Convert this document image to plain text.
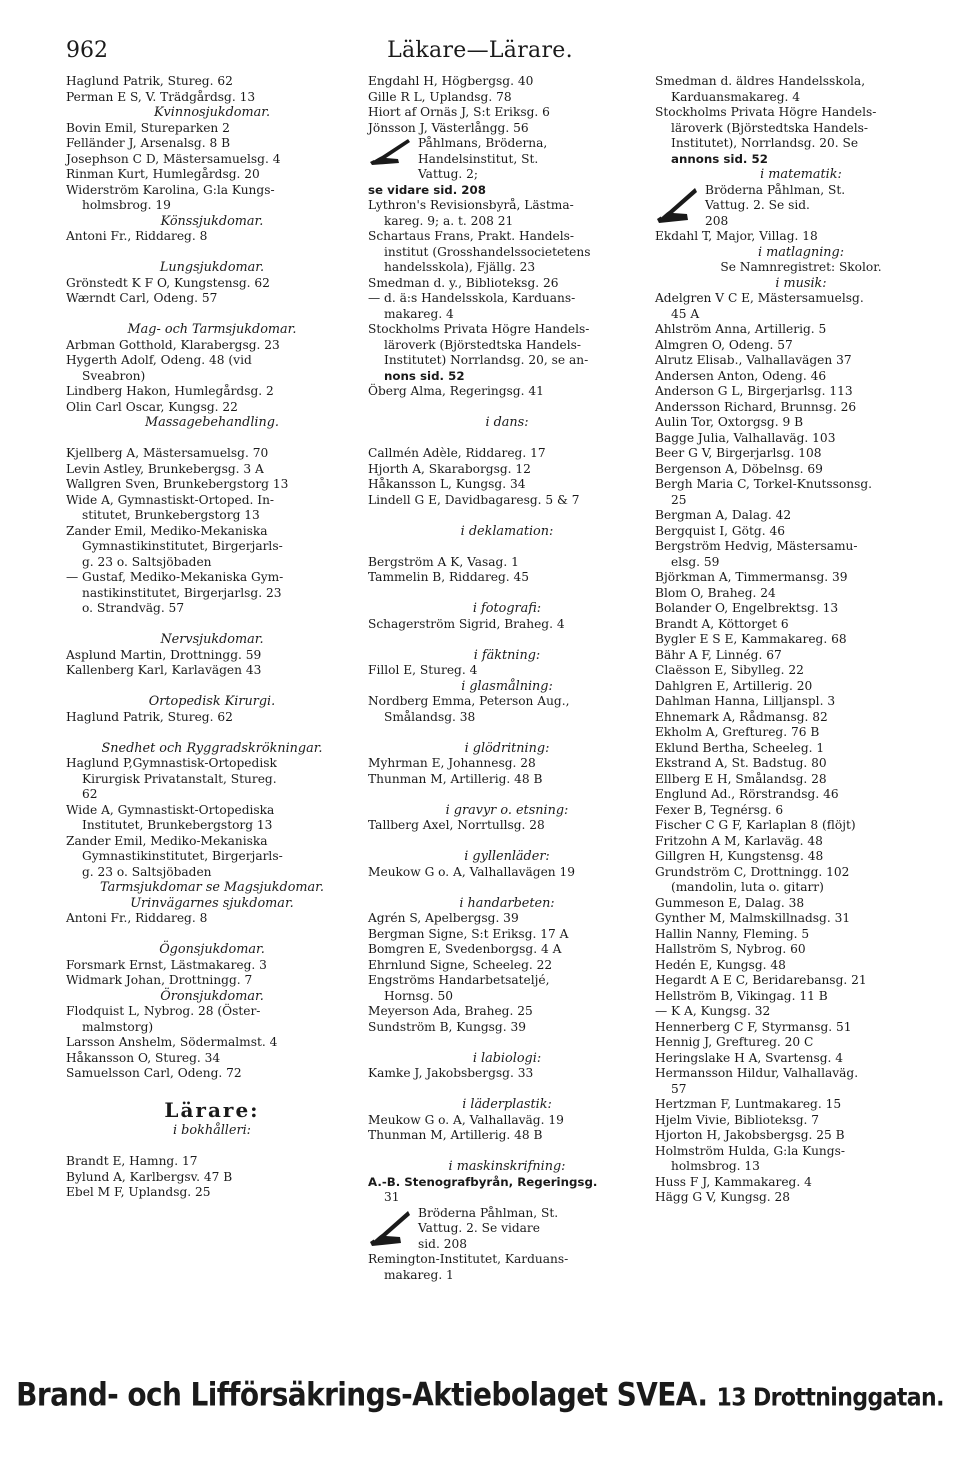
962	Läkare—Lärare.
Haglund Patrik, Stureg. 62
Perman E S, V. Trädgårdsg. 13
Kvinnosjukdomar.
Bovin Emil, Stureparken 2
Felländer J, Arsenalsg. 8 B
Josephson C D, Mästersamuelsg. 4
Rinman Kurt, Humlegårdsg. 20
Widerström Karolina, G:la Kungs-
holmsbrog. 19
Könssjukdomar.
Antoni Fr., Riddareg. 8
Lungsjukdomar.
Grönstedt K F O, Kungstensg. 62
Wærndt Carl, Odeng. 57
Mag- och Tarmsjukdomar.
Arbman Gotthold, Klarabergsg. 23
Hygerth Adolf, Odeng. 48 (vid
Sveabron)
Lindberg Hakon, Humlegårdsg. 2
Olin Carl Oscar, Kungsg. 22
Massagebehandling.
Kjellberg A, Mästersamuelsg. 70
Levin Astley, Brunkebergsg. 3 A
Wallgren Sven, Brunkebergstorg 13
Wide A, Gymnastiskt-Ortoped. In-
stitutet, Brunkebergstorg 13
Zander Emil, Mediko-Mekaniska
Gymnastikinstitutet, Birgerjarls-
g. 23 o. Saltsjöbaden
— Gustaf, Mediko-Mekaniska Gym-
nastikinstitutet, Birgerjarlsg. 23
o. Strandväg. 57
Nervsjukdomar.
Asplund Martin, Drottningg. 59
Kallenberg Karl, Karlavägen 43
Ortopedisk Kirurgi.
Haglund Patrik, Stureg. 62
Snedhet och Ryggradskrökningar.
Haglund P,Gymnastisk-Ortopedisk
Kirurgisk Privatanstalt, Stureg.
62
Wide A, Gymnastiskt-Ortopediska
Institutet, Brunkebergstorg 13
Zander Emil, Mediko-Mekaniska
Gymnastikinstitutet, Birgerjarls-
g. 23 o. Saltsjöbaden
Tarmsjukdomar se Magsjukdomar.
Urinvägarnes sjukdomar.
Antoni Fr., Riddareg. 8
Ögonsjukdomar.
Forsmark Ernst, Lästmakareg. 3
Widmark Johan, Drottningg. 7
Öronsjukdomar.
Flodquist L, Nybrog. 28 (Öster-
malmstorg)
Larsson Anshelm, Södermalmst. 4
Håkansson O, Stureg. 34
Samuelsson Carl, Odeng. 72
Lärare:
i bokhålleri:
Brandt E, Hamng. 17
Bylund A, Karlbergsv. 47 B
Ebel M F, Uplandsg. 25
Engdahl H, Högbergsg. 40
Gille R L, Uplandsg. 78
Hiort af Ornäs J, S:t Eriksg. 6
Jönsson J, Västerlångg. 56
Påhlmans, Bröderna,
Handelsinstitut, St.
Vattug. 2;
se vidare sid. 208
Lythron's Revisionsbyrå, Lästma-
kareg. 9; a. t. 208 21
Schartaus Frans, Prakt. Handels-
institut (Grosshandelssocietetens
handelsskola), Fjällg. 23
Smedman d. y., Biblioteksg. 26
— d. ä:s Handelsskola, Karduans-
makareg. 4
Stockholms Privata Högre Handels-
läroverk (Björstedtska Handels-
Institutet) Norrlandsg. 20, se an-
nons sid. 52
Öberg Alma, Regeringsg. 41
i dans:
Callmén Adèle, Riddareg. 17
Hjorth A, Skaraborgsg. 12
Håkansson L, Kungsg. 34
Lindell G E, Davidbagaresg. 5 & 7
i deklamation:
Bergström A K, Vasag. 1
Tammelin B, Riddareg. 45
i fotografi:
Schagerström Sigrid, Braheg. 4
i fäktning:
Fillol E, Stureg. 4
i glasmålning:
Nordberg Emma, Peterson Aug.,
Smålandsg. 38
i glödritning:
Myhrman E, Johannesg. 28
Thunman M, Artillerig. 48 B
i gravyr o. etsning:
Tallberg Axel, Norrtullsg. 28
i gyllenläder:
Meukow G o. A, Valhallavägen 19
i handarbeten:
Agrén S, Apelbergsg. 39
Bergman Signe, S:t Eriksg. 17 A
Bomgren E, Svedenborgsg. 4 A
Ehrnlund Signe, Scheeleg. 22
Engströms Handarbetsateljé,
Hornsg. 50
Meyerson Ada, Braheg. 25
Sundström B, Kungsg. 39
i labiologi:
Kamke J, Jakobsbergsg. 33
i läderplastik:
Meukow G o. A, Valhallaväg. 19
Thunman M, Artillerig. 48 B
i maskinskrifning:
A.-B. Stenografbyrån, Regeringsg.
31
Bröderna Påhlman, St.
Vattug. 2. Se vidare
sid. 208
Remington-Institutet, Karduans-
makareg. 1
Smedman d. äldres Handelsskola,
Karduansmakareg. 4
Stockholms Privata Högre Handels-
läroverk (Björstedtska Handels-
Institutet), Norrlandsg. 20. Se
annons sid. 52
i matematik:
Bröderna Påhlman, St.
Vattug. 2. Se sid.
208
Ekdahl T, Major, Villag. 18
i matlagning:
Se Namnregistret: Skolor.
i musik:
Adelgren V C E, Mästersamuelsg.
45 A
Ahlström Anna, Artillerig. 5
Almgren O, Odeng. 57
Alrutz Elisab., Valhallavägen 37
Andersen Anton, Odeng. 46
Anderson G L, Birgerjarlsg. 113
Andersson Richard, Brunnsg. 26
Aulin Tor, Oxtorgsg. 9 B
Bagge Julia, Valhallaväg. 103
Beer G V, Birgerjarlsg. 108
Bergenson A, Döbelnsg. 69
Bergh Maria C, Torkel-Knutssonsg.
25
Bergman A, Dalag. 42
Bergquist I, Götg. 46
Bergström Hedvig, Mästersamu-
elsg. 59
Björkman A, Timmermansg. 39
Blom O, Braheg. 24
Bolander O, Engelbrektsg. 13
Brandt A, Köttorget 6
Bygler E S E, Kammakareg. 68
Bähr A F, Linnég. 67
Claësson E, Sibylleg. 22
Dahlgren E, Artillerig. 20
Dahlman Hanna, Lilljanspl. 3
Ehnemark A, Rådmansg. 82
Ekholm A, Greftureg. 76 B
Eklund Bertha, Scheeleg. 1
Ekstrand A, St. Badstug. 80
Ellberg E H, Smålandsg. 28
Englund Ad., Rörstrandsg. 46
Fexer B, Tegnérsg. 6
Fischer C G F, Karlaplan 8 (flöjt)
Fritzohn A M, Karlaväg. 48
Gillgren H, Kungstensg. 48
Grundström C, Drottningg. 102
(mandolin, luta o. gitarr)
Gummeson E, Dalag. 38
Gynther M, Malmskillnadsg. 31
Hallin Nanny, Fleming. 5
Hallström S, Nybrog. 60
Hedén E, Kungsg. 48
Hegardt A E C, Beridarebansg. 21
Hellström B, Vikingag. 11 B
— K A, Kungsg. 32
Hennerberg C F, Styrmansg. 51
Hennig J, Greftureg. 20 C
Heringslake H A, Svartensg. 4
Hermansson Hildur, Valhallaväg.
57
Hertzman F, Luntmakareg. 15
Hjelm Vivie, Biblioteksg. 7
Hjorton H, Jakobsbergsg. 25 B
Holmström Hulda, G:la Kungs-
holmsbrog. 13
Huss F J, Kammakareg. 4
Hägg G V, Kungsg. 28
Brand- och Lifförsäkrings-Aktiebolaget SVEA. 13 Drottninggatan.
